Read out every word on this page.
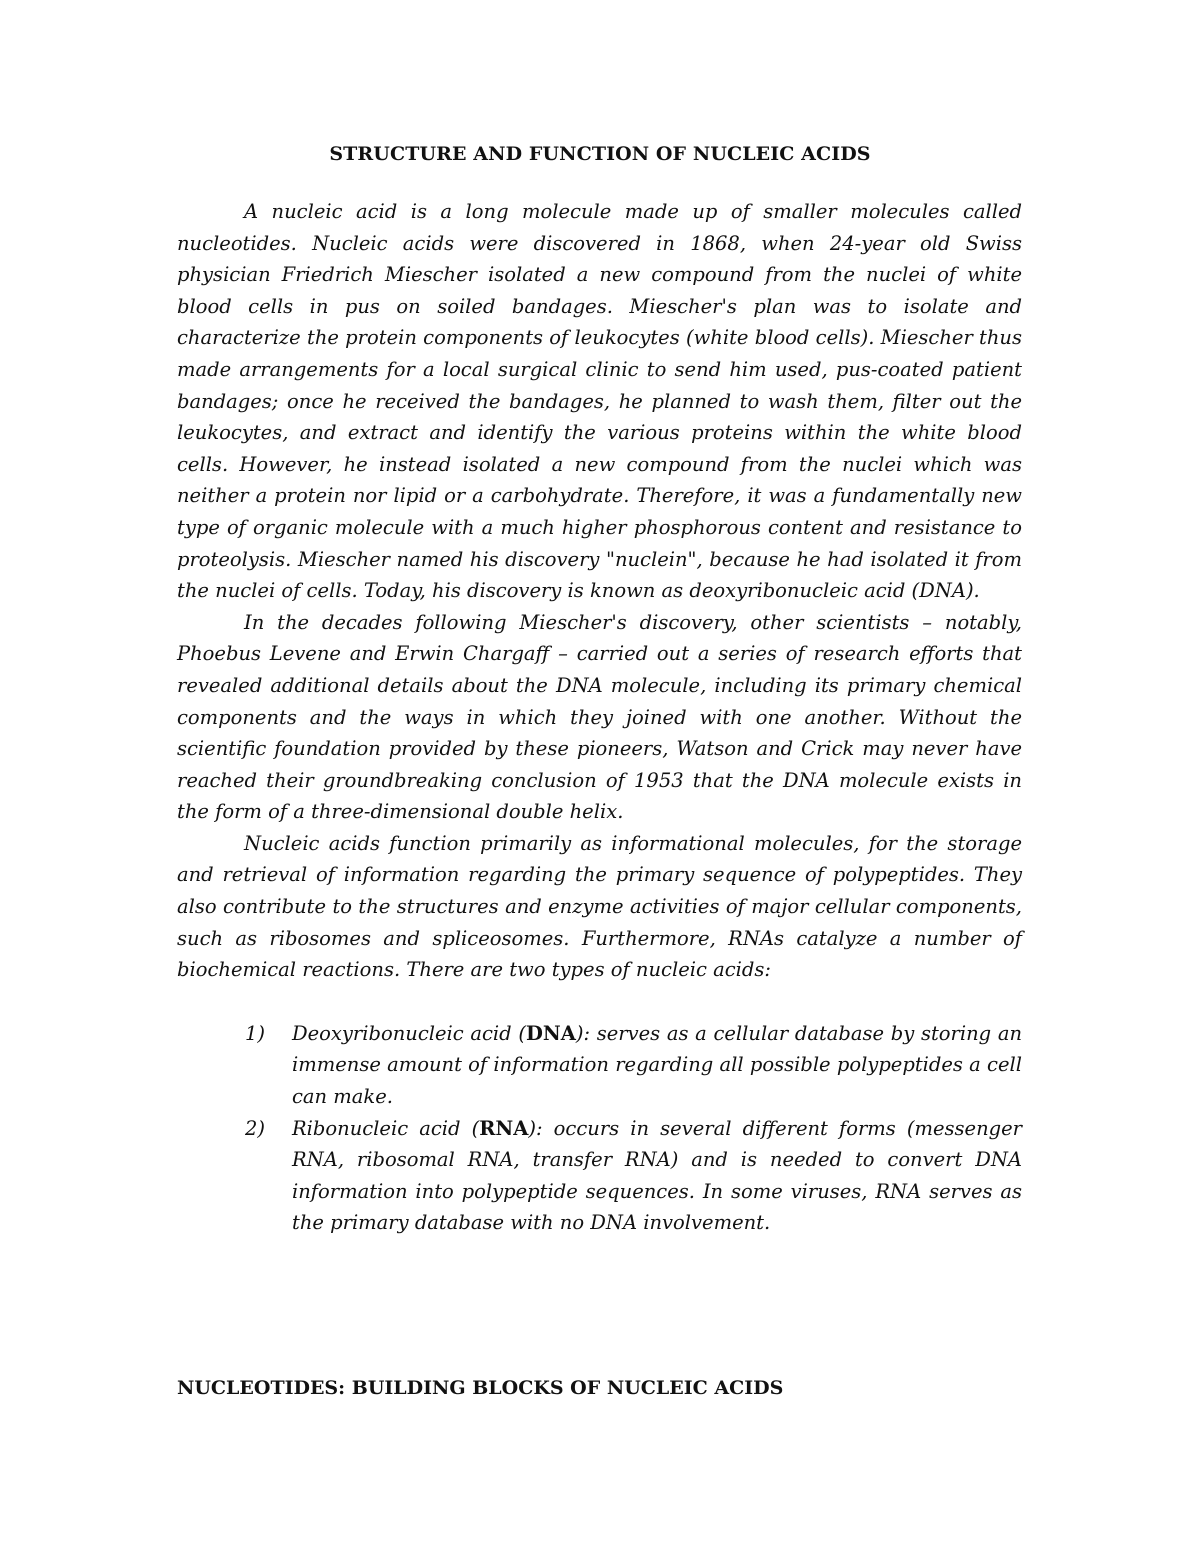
STRUCTURE AND FUNCTION OF NUCLEIC ACIDS

A nucleic acid is a long molecule made up of smaller molecules called nucleotides. Nucleic acids were discovered in 1868, when 24-year old Swiss physician Friedrich Miescher isolated a new compound from the nuclei of white blood cells in pus on soiled bandages. Miescher's plan was to isolate and characterize the protein components of leukocytes (white blood cells). Miescher thus made arrangements for a local surgical clinic to send him used, pus-coated patient bandages; once he received the bandages, he planned to wash them, filter out the leukocytes, and extract and identify the various proteins within the white blood cells. However, he instead isolated a new compound from the nuclei which was neither a protein nor lipid or a carbohydrate. Therefore, it was a fundamentally new type of organic molecule with a much higher phosphorous content and resistance to proteolysis. Miescher named his discovery "nuclein", because he had isolated it from the nuclei of cells. Today, his discovery is known as deoxyribonucleic acid (DNA).

In the decades following Miescher's discovery, other scientists – notably, Phoebus Levene and Erwin Chargaff – carried out a series of research efforts that revealed additional details about the DNA molecule, including its primary chemical components and the ways in which they joined with one another. Without the scientific foundation provided by these pioneers, Watson and Crick may never have reached their groundbreaking conclusion of 1953 that the DNA molecule exists in the form of a three-dimensional double helix.

Nucleic acids function primarily as informational molecules, for the storage and retrieval of information regarding the primary sequence of polypeptides. They also contribute to the structures and enzyme activities of major cellular components, such as ribosomes and spliceosomes. Furthermore, RNAs catalyze a number of biochemical reactions. There are two types of nucleic acids:

1) Deoxyribonucleic acid (DNA): serves as a cellular database by storing an immense amount of information regarding all possible polypeptides a cell can make.
2) Ribonucleic acid (RNA): occurs in several different forms (messenger RNA, ribosomal RNA, transfer RNA) and is needed to convert DNA information into polypeptide sequences. In some viruses, RNA serves as the primary database with no DNA involvement.
NUCLEOTIDES: BUILDING BLOCKS OF NUCLEIC ACIDS
